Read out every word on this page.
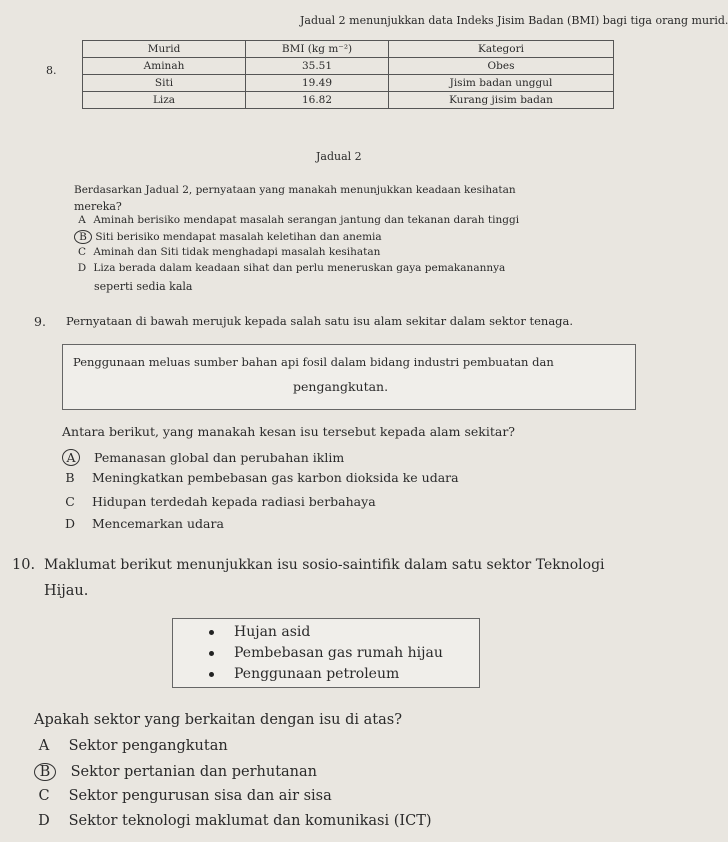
Jadual 2 menunjukkan data Indeks Jisim Badan (BMI) bagi tiga orang murid.
8.
Murid	BMI (kg m⁻²)	Kategori
Aminah	35.51	Obes
Siti	19.49	Jisim badan unggul
Liza	16.82	Kurang jisim badan
Jadual 2
Berdasarkan Jadual 2, pernyataan yang manakah menunjukkan keadaan kesihatan
mereka?
A Aminah berisiko mendapat masalah serangan jantung dan tekanan darah tinggi
B Siti berisiko mendapat masalah keletihan dan anemia
C Aminah dan Siti tidak menghadapi masalah kesihatan
D Liza berada dalam keadaan sihat dan perlu meneruskan gaya pemakanannya
seperti sedia kala
9. Pernyataan di bawah merujuk kepada salah satu isu alam sekitar dalam sektor tenaga.
Penggunaan meluas sumber bahan api fosil dalam bidang industri pembuatan dan
pengangkutan.
Antara berikut, yang manakah kesan isu tersebut kepada alam sekitar?
A Pemanasan global dan perubahan iklim
B Meningkatkan pembebasan gas karbon dioksida ke udara
C Hidupan terdedah kepada radiasi berbahaya
D Mencemarkan udara
10. Maklumat berikut menunjukkan isu sosio-saintifik dalam satu sektor Teknologi
Hijau.
Hujan asid
Pembebasan gas rumah hijau
Penggunaan petroleum
Apakah sektor yang berkaitan dengan isu di atas?
A Sektor pengangkutan
B Sektor pertanian dan perhutanan
C Sektor pengurusan sisa dan air sisa
D Sektor teknologi maklumat dan komunikasi (ICT)
